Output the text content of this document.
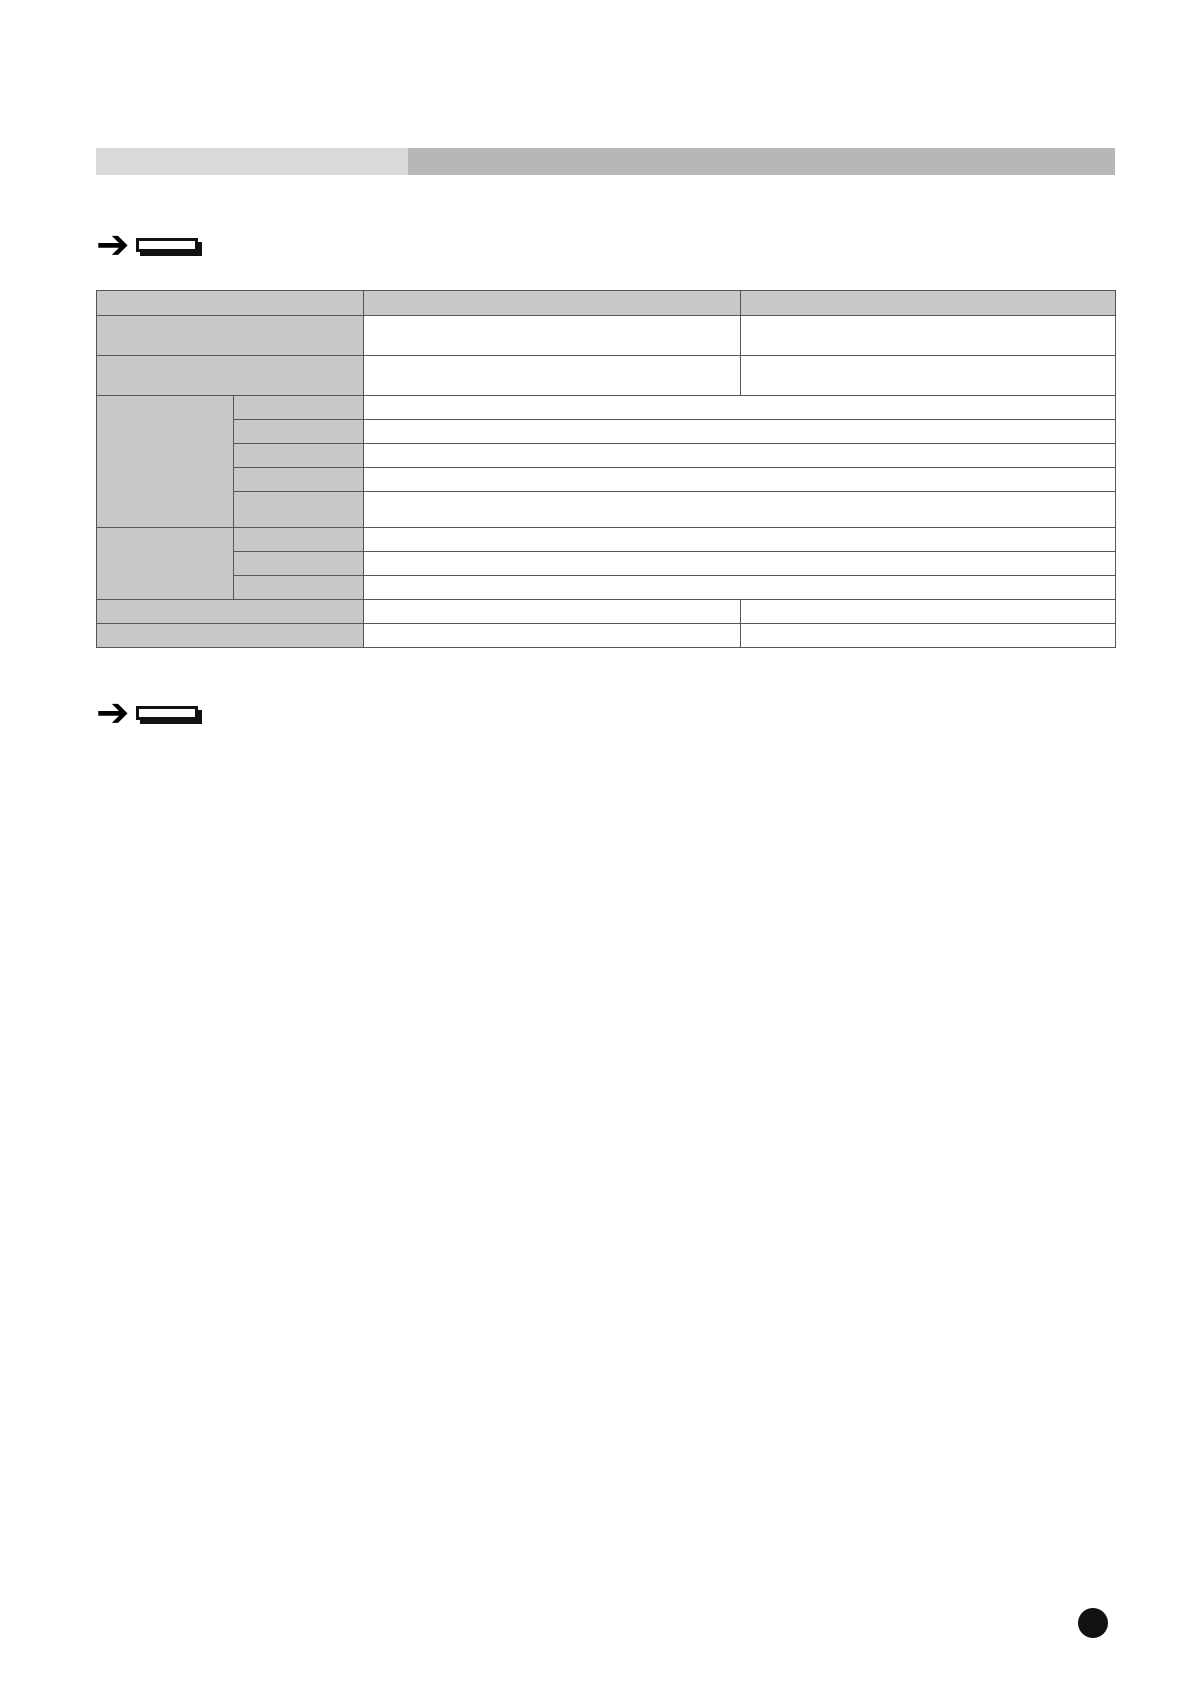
➔

➔
